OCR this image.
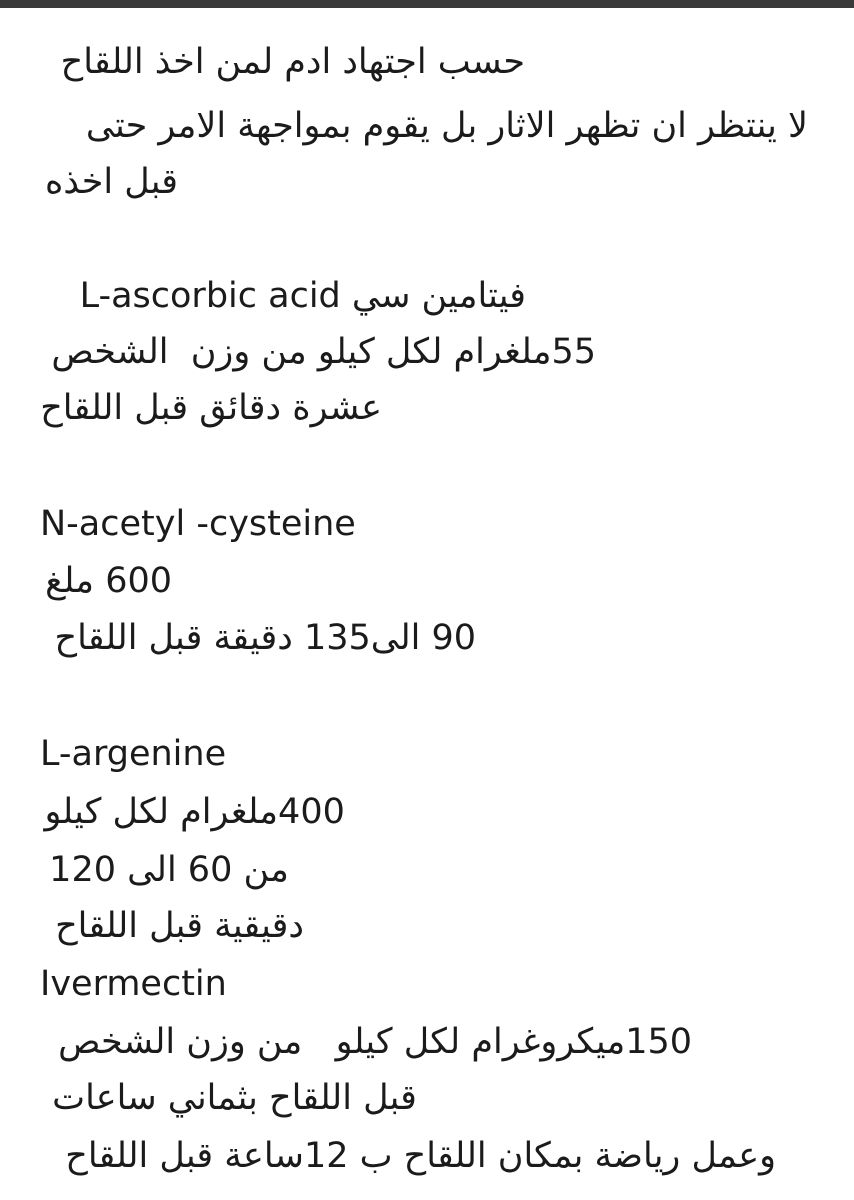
حسب اجتهاد ادم لمن اخذ اللقاح
لا ينتظر ان تظهر الاثار بل يقوم بمواجهة الامر حتى
قبل اخذه
فيتامين سي L-ascorbic acid
55ملغرام لكل كيلو من وزن  الشخص
عشرة دقائق قبل اللقاح
N-acetyl -cysteine
600 ملغ
90 الى135 دقيقة قبل اللقاح
L-argenine
400ملغرام لكل كيلو
من 60 الى 120
دقيقية قبل اللقاح
Ivermectin
150ميكروغرام لكل كيلو   من وزن الشخص
قبل اللقاح بثماني ساعات
وعمل رياضة بمكان اللقاح ب 12ساعة قبل اللقاح
